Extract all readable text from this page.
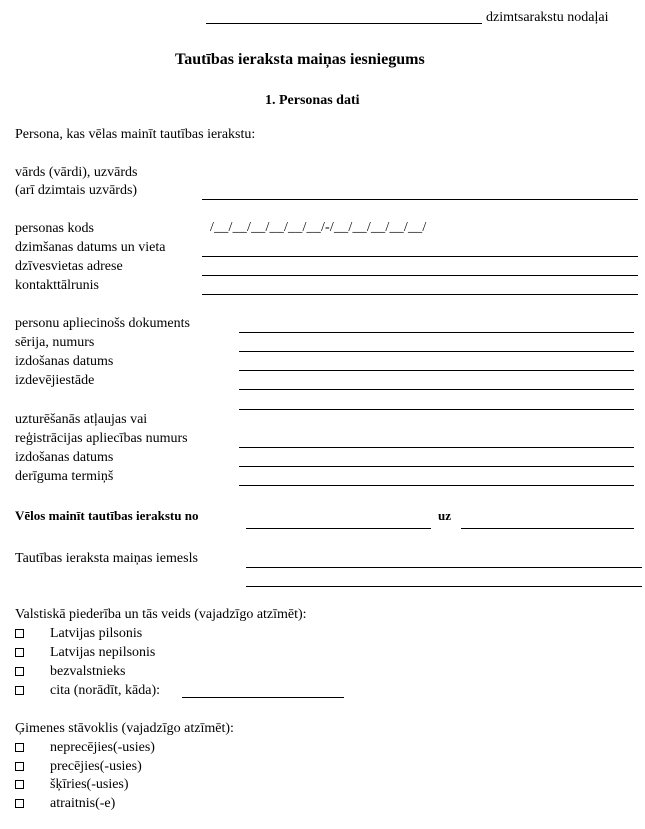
dzimtsarakstu nodaļai
Tautības ieraksta maiņas iesniegums
1. Personas dati
Persona, kas vēlas mainīt tautības ierakstu:
vārds (vārdi), uzvārds
(arī dzimtais uzvārds)
personas kods	/__/__/__/__/__/__/-/__/__/__/__/__/
dzimšanas datums un vieta
dzīvesvietas adrese
kontakttālrunis
personu apliecinošs dokuments
sērija, numurs
izdošanas datums
izdevējiestāde
uzturēšanās atļaujas vai
reģistrācijas apliecības numurs
izdošanas datums
derīguma termiņš
Vēlos mainīt tautības ierakstu no	uz
Tautības ieraksta maiņas iemesls
Valstiskā piederība un tās veids (vajadzīgo atzīmēt):
Latvijas pilsonis
Latvijas nepilsonis
bezvalstnieks
cita (norādīt, kāda):
Ģimenes stāvoklis (vajadzīgo atzīmēt):
neprecējies(-usies)
precējies(-usies)
šķīries(-usies)
atraitnis(-e)
